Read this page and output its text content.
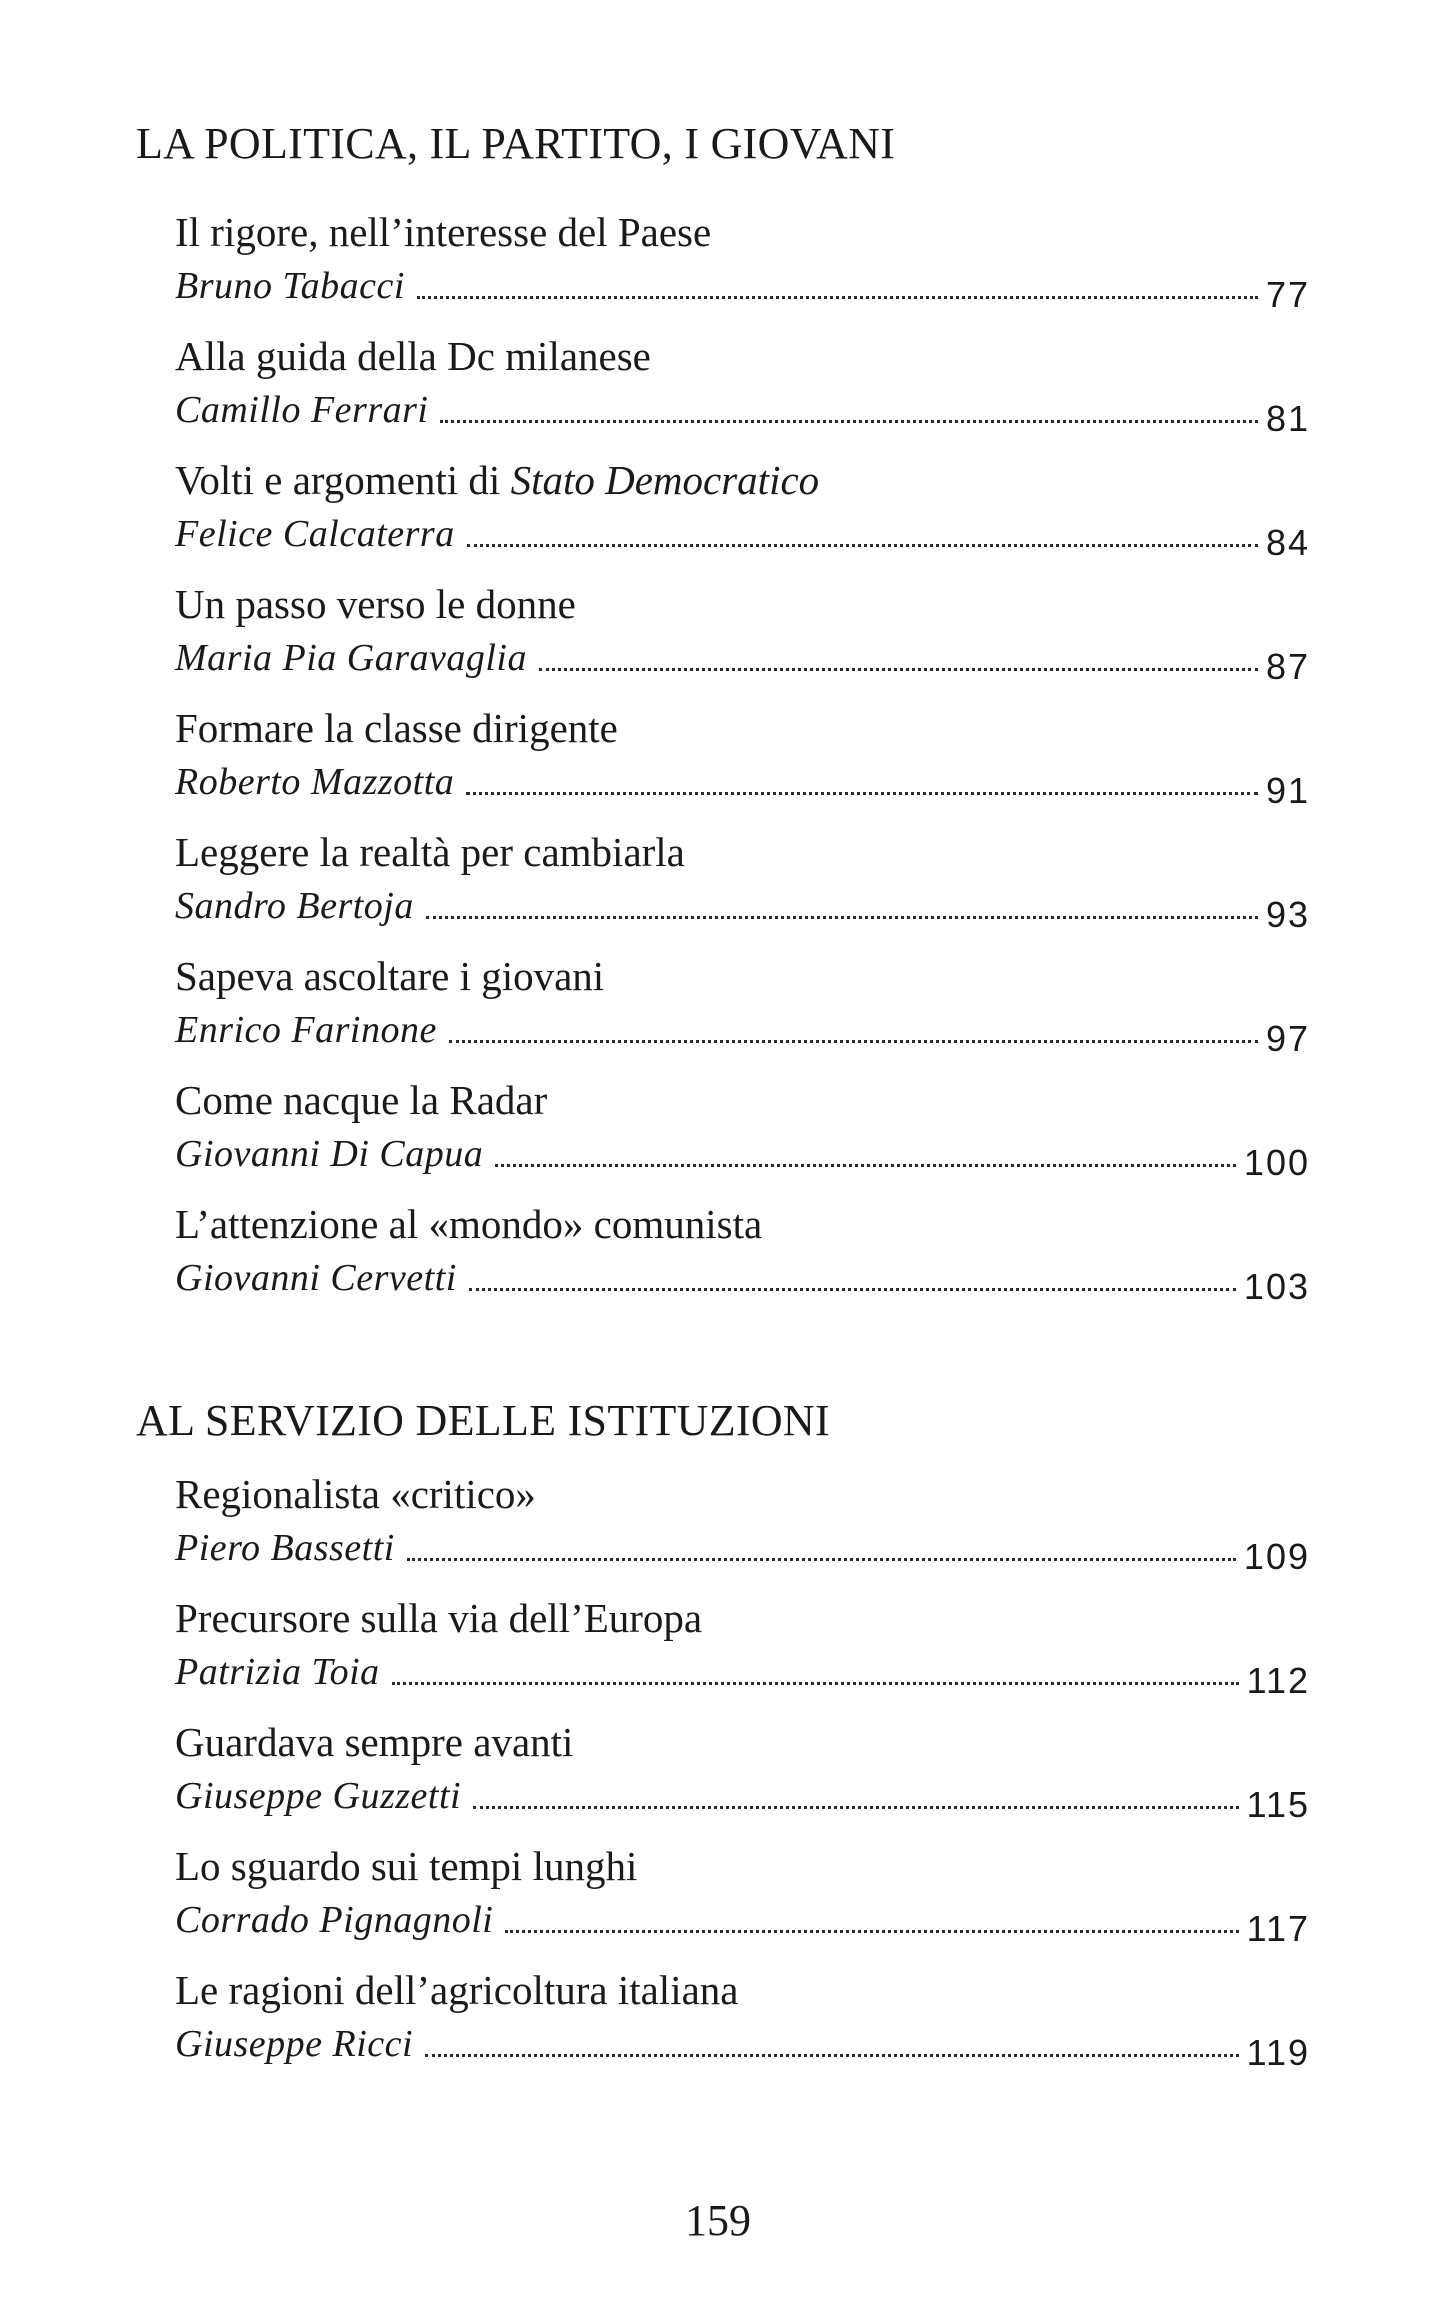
LA POLITICA, IL PARTITO, I GIOVANI
Il rigore, nell’interesse del Paese
Bruno Tabacci	77
Alla guida della Dc milanese
Camillo Ferrari	81
Volti e argomenti di Stato Democratico
Felice Calcaterra	84
Un passo verso le donne
Maria Pia Garavaglia	87
Formare la classe dirigente
Roberto Mazzotta	91
Leggere la realtà per cambiarla
Sandro Bertoja	93
Sapeva ascoltare i giovani
Enrico Farinone	97
Come nacque la Radar
Giovanni Di Capua	100
L’attenzione al «mondo» comunista
Giovanni Cervetti	103
AL SERVIZIO DELLE ISTITUZIONI
Regionalista «critico»
Piero Bassetti	109
Precursore sulla via dell’Europa
Patrizia Toia	112
Guardava sempre avanti
Giuseppe Guzzetti	115
Lo sguardo sui tempi lunghi
Corrado Pignagnoli	117
Le ragioni dell’agricoltura italiana
Giuseppe Ricci	119
159
